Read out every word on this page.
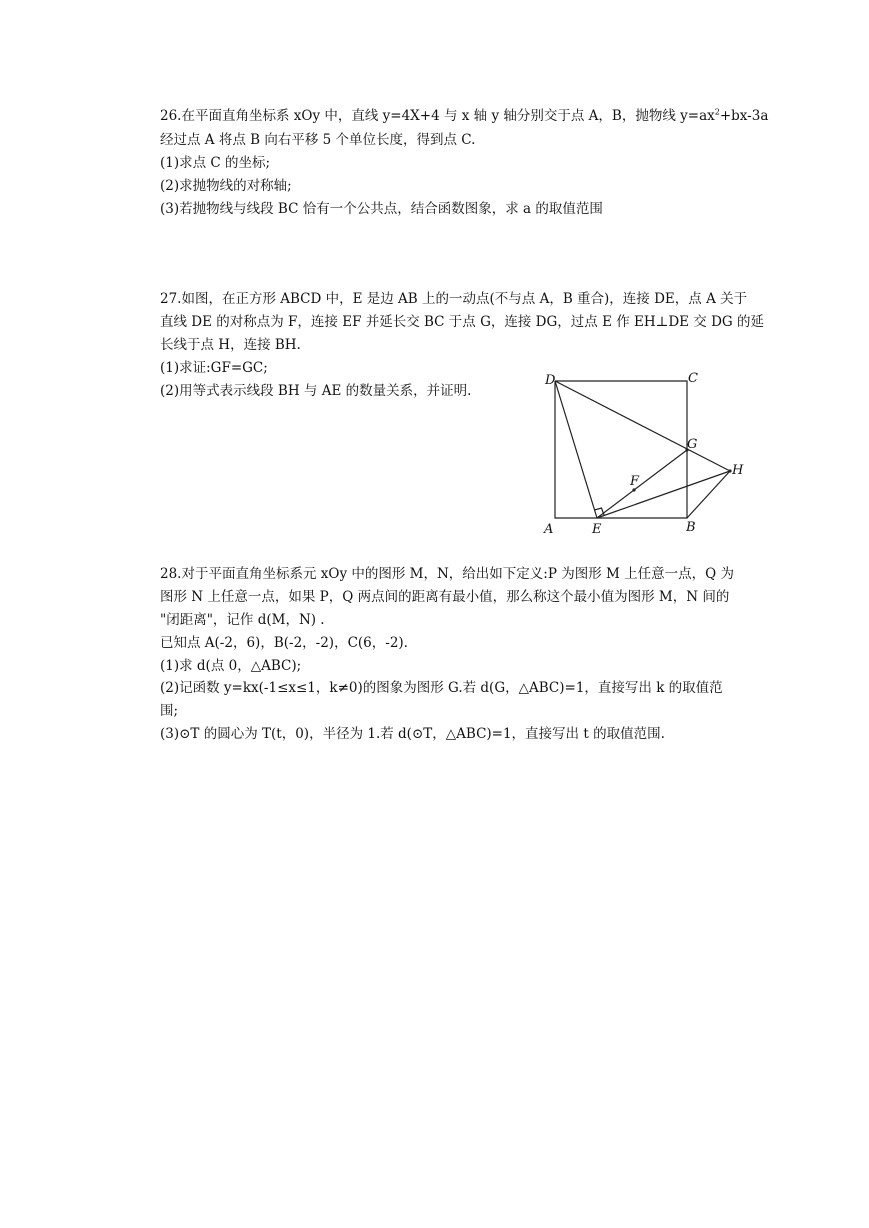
26.在平面直角坐标系 xOy 中，直线 y=4X+4 与 x 轴 y 轴分别交于点 A，B，抛物线 $y=ax^2+bx-3a$
经过点 A 将点 B 向右平移 5 个单位长度，得到点 C.
(1)求点 C 的坐标;
(2)求抛物线的对称轴;
(3)若抛物线与线段 BC 恰有一个公共点，结合函数图象，求 a 的取值范围
27.如图，在正方形 ABCD 中，E 是边 AB 上的一动点(不与点 A，B 重合)，连接 DE，点 A 关于
直线 DE 的对称点为 F，连接 EF 并延长交 BC 于点 G，连接 DG，过点 E 作 EH⊥DE 交 DG 的延
长线于点 H，连接 BH.
(1)求证:GF=GC;
(2)用等式表示线段 BH 与 AE 的数量关系，并证明.
D	C
G
H
F
A	E	B
28.对于平面直角坐标系元 xOy 中的图形 M，N，给出如下定义:P 为图形 M 上任意一点，Q 为
图形 N 上任意一点，如果 P，Q 两点间的距离有最小值，那么称这个最小值为图形 M，N 间的
"闭距离"，记作 d(M，N) .
已知点 A(-2，6)，B(-2，-2)，C(6，-2).
(1)求 d(点 0，△ABC);
(2)记函数 y=kx(-1≤x≤1，k≠0)的图象为图形 G.若 d(G，△ABC)=1，直接写出 k 的取值范
围;
(3)⊙T 的圆心为 T(t，0)，半径为 1.若 d(⊙T，△ABC)=1，直接写出 t 的取值范围.
